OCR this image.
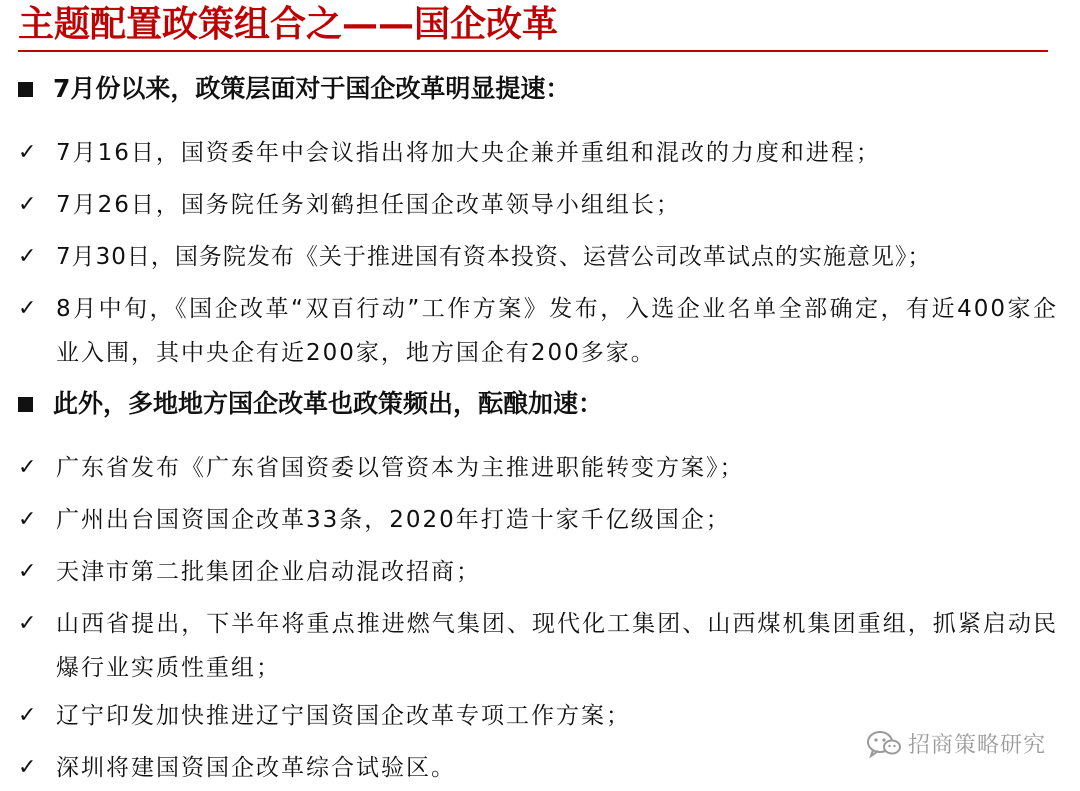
主题配置政策组合之——国企改革
7月份以来，政策层面对于国企改革明显提速：
✓ 7月16日，国资委年中会议指出将加大央企兼并重组和混改的力度和进程；
✓ 7月26日，国务院任务刘鹤担任国企改革领导小组组长；
✓ 7月30日，国务院发布《关于推进国有资本投资、运营公司改革试点的实施意见》；
✓ 8月中旬，《国企改革“双百行动”工作方案》发布，入选企业名单全部确定，有近400家企业入围，其中央企有近200家，地方国企有200多家。
此外，多地地方国企改革也政策频出，酝酿加速：
✓ 广东省发布《广东省国资委以管资本为主推进职能转变方案》；
✓ 广州出台国资国企改革33条，2020年打造十家千亿级国企；
✓ 天津市第二批集团企业启动混改招商；
✓ 山西省提出，下半年将重点推进燃气集团、现代化工集团、山西煤机集团重组，抓紧启动民爆行业实质性重组；
✓ 辽宁印发加快推进辽宁国资国企改革专项工作方案；
✓ 深圳将建国资国企改革综合试验区。
招商策略研究
